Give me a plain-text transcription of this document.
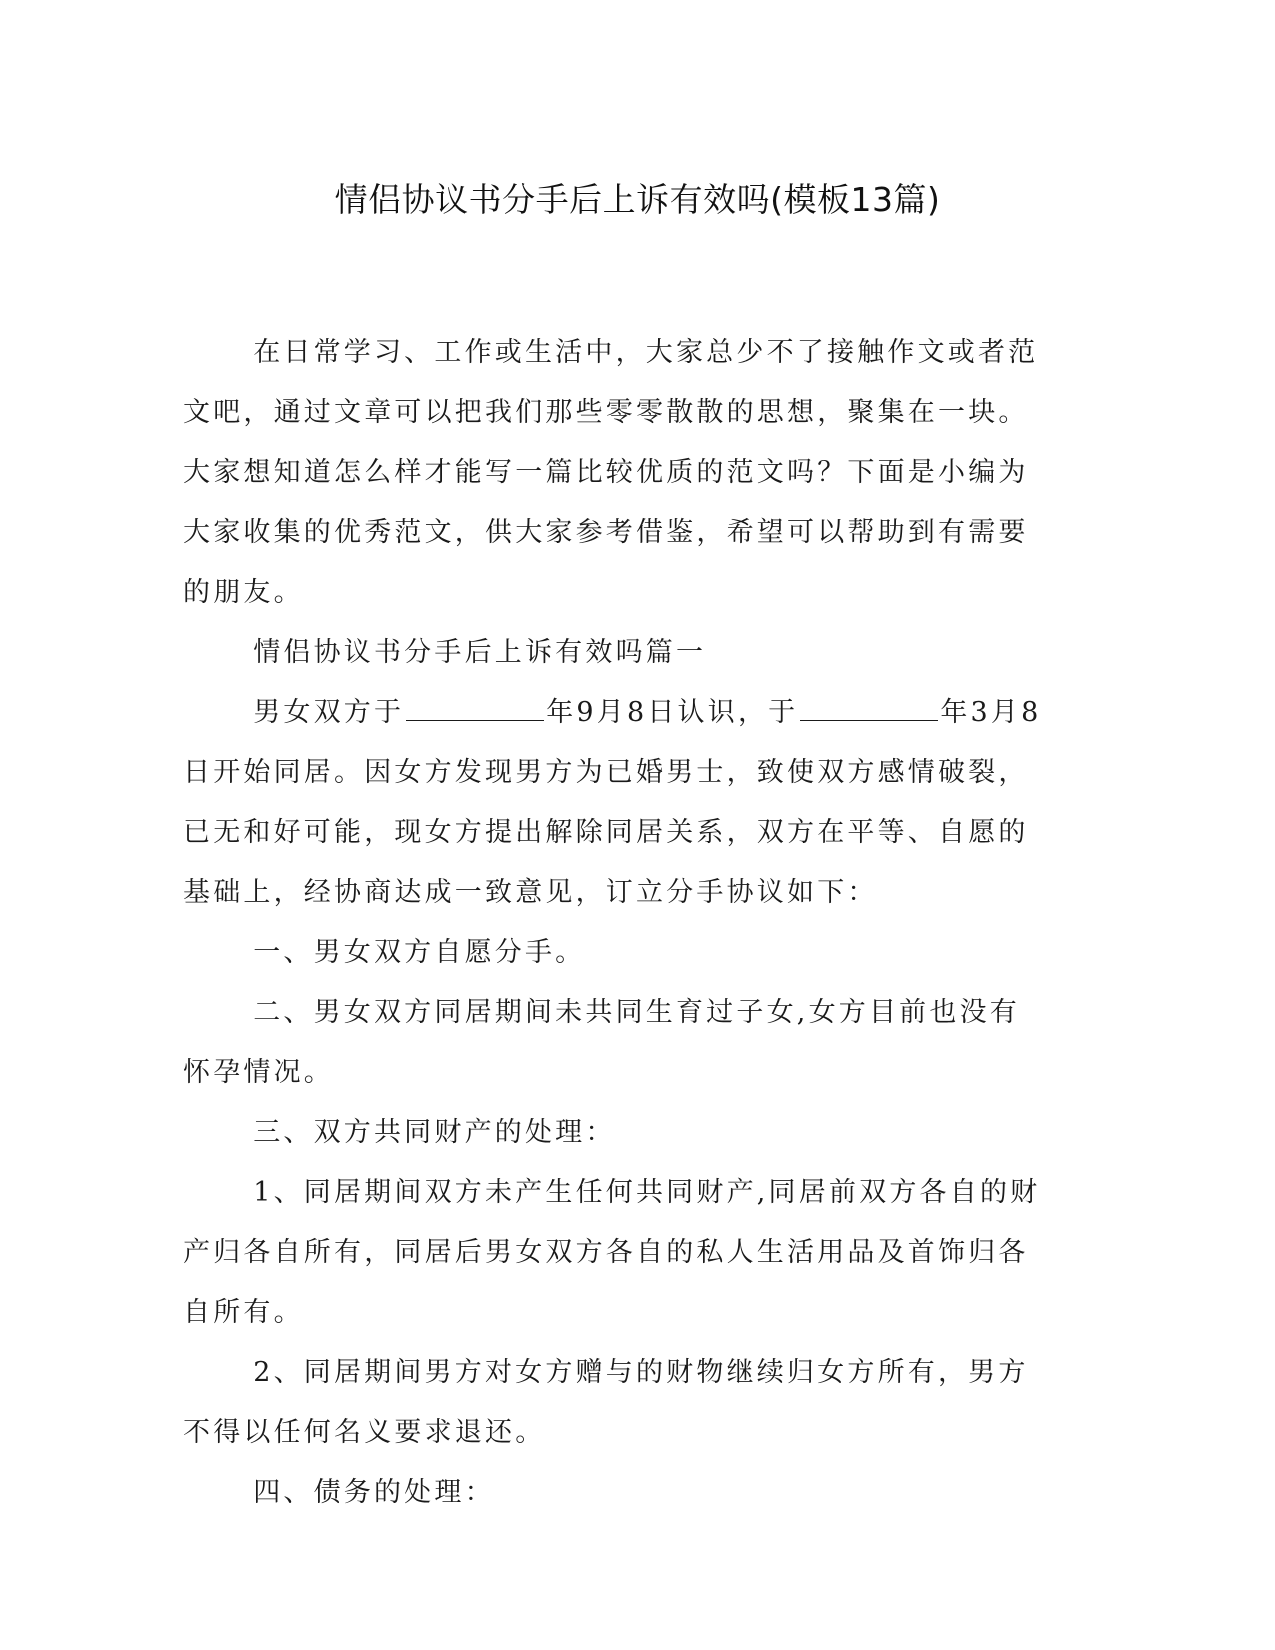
情侣协议书分手后上诉有效吗(模板13篇)

在日常学习、工作或生活中，大家总少不了接触作文或者范文吧，通过文章可以把我们那些零零散散的思想，聚集在一块。大家想知道怎么样才能写一篇比较优质的范文吗？下面是小编为大家收集的优秀范文，供大家参考借鉴，希望可以帮助到有需要的朋友。

情侣协议书分手后上诉有效吗篇一

男女双方于	年9月8日认识，于	年3月8日开始同居。因女方发现男方为已婚男士，致使双方感情破裂，已无和好可能，现女方提出解除同居关系，双方在平等、自愿的基础上，经协商达成一致意见，订立分手协议如下：

一、男女双方自愿分手。

二、男女双方同居期间未共同生育过子女,女方目前也没有怀孕情况。

三、双方共同财产的处理：

1、同居期间双方未产生任何共同财产,同居前双方各自的财产归各自所有，同居后男女双方各自的私人生活用品及首饰归各自所有。

2、同居期间男方对女方赠与的财物继续归女方所有，男方不得以任何名义要求退还。

四、债务的处理：
